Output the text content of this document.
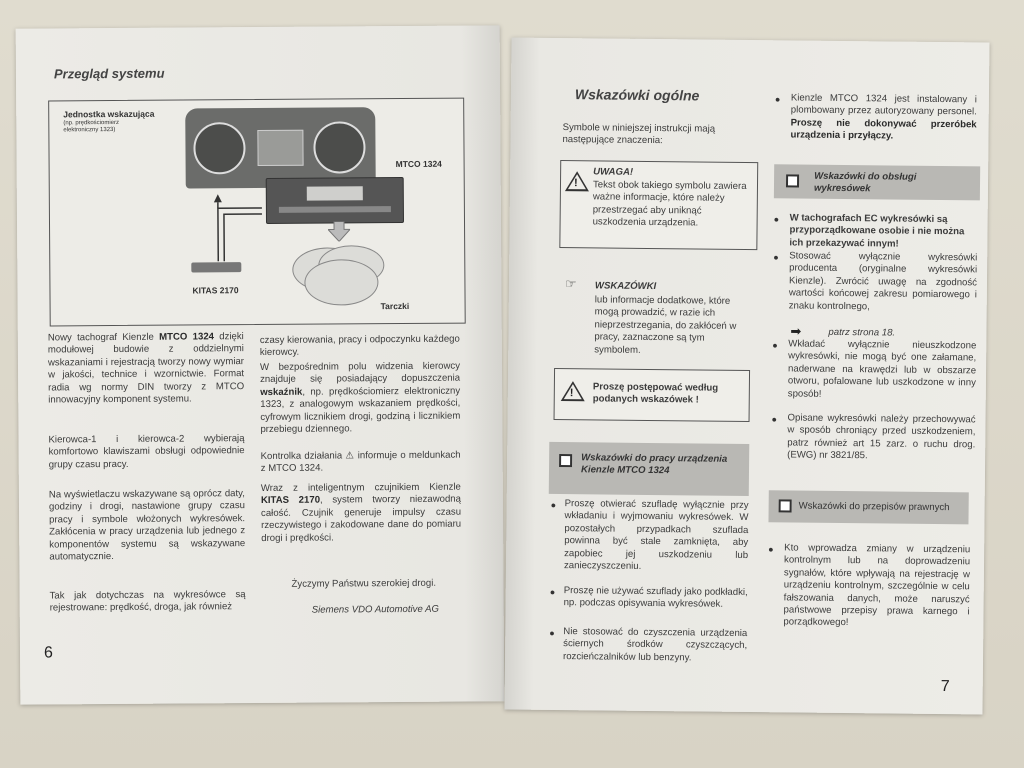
Przegląd systemu
Jednostka wskazująca
(np. prędkościomierz elektroniczny 1323)
MTCO 1324
KITAS 2170
Tarczki
Nowy tachograf Kienzle MTCO 1324 dzięki modułowej budowie z oddzielnymi wskazaniami i rejestracją tworzy nowy wymiar w jakości, technice i wzornictwie. Format radia wg normy DIN tworzy z MTCO innowacyjny komponent systemu.
Kierowca-1 i kierowca-2 wybierają komfortowo klawiszami obsługi odpowiednie grupy czasu pracy.
Na wyświetlaczu wskazywane są oprócz daty, godziny i drogi, nastawione grupy czasu pracy i symbole włożonych wykresówek. Zakłócenia w pracy urządzenia lub jednego z komponentów systemu są wskazywane automatycznie.
Tak jak dotychczas na wykresówce są rejestrowane: prędkość, droga, jak również
czasy kierowania, pracy i odpoczynku każdego kierowcy.
W bezpośrednim polu widzenia kierowcy znajduje się posiadający dopuszczenia wskaźnik, np. prędkościomierz elektroniczny 1323, z analogowym wskazaniem prędkości, cyfrowym licznikiem drogi, godziną i licznikiem przebiegu dziennego.
Kontrolka działania ⚠ informuje o meldunkach z MTCO 1324.
Wraz z inteligentnym czujnikiem Kienzle KITAS 2170, system tworzy niezawodną całość. Czujnik generuje impulsy czasu rzeczywistego i zakodowane dane do pomiaru drogi i prędkości.
Życzymy Państwu szerokiej drogi.
Siemens VDO Automotive AG
6
Wskazówki ogólne
Symbole w niniejszej instrukcji mają następujące znaczenia:
!
UWAGA!
Tekst obok takiego symbolu zawiera ważne informacje, które należy przestrzegać aby uniknąć uszkodzenia urządzenia.
☞ WSKAZÓWKI
lub informacje dodatkowe, które mogą prowadzić, w razie ich nieprzestrzegania, do zakłóceń w pracy, zaznaczone są tym symbolem.
! Proszę postępować według podanych wskazówek !
Wskazówki do pracy urządzenia Kienzle MTCO 1324
● Proszę otwierać szufladę wyłącznie przy wkładaniu i wyjmowaniu wykresówek. W pozostałych przypadkach szuflada powinna być stale zamknięta, aby zapobiec jej uszkodzeniu lub zanieczyszczeniu.
● Proszę nie używać szuflady jako podkładki, np. podczas opisywania wykresówek.
● Nie stosować do czyszczenia urządzenia ściernych środków czyszczących, rozcieńczalników lub benzyny.
● Kienzle MTCO 1324 jest instalowany i plombowany przez autoryzowany personel. Proszę nie dokonywać przeróbek urządzenia i przyłączy.
Wskazówki do obsługi wykresówek
● W tachografach EC wykresówki są przyporządkowane osobie i nie można ich przekazywać innym!
● Stosować wyłącznie wykresówki producenta (oryginalne wykresówki Kienzle). Zwrócić uwagę na zgodność wartości końcowej zakresu pomiarowego i znaku kontrolnego,
➡	patrz strona 18.
● Wkładać wyłącznie nieuszkodzone wykresówki, nie mogą być one załamane, naderwane na krawędzi lub w obszarze otworu, pofalowane lub uszkodzone w inny sposób!
● Opisane wykresówki należy przechowywać w sposób chroniący przed uszkodzeniem, patrz również art 15 zarz. o ruchu drog. (EWG) nr 3821/85.
Wskazówki do przepisów prawnych
● Kto wprowadza zmiany w urządzeniu kontrolnym lub na doprowadzeniu sygnałów, które wpływają na rejestrację w urządzeniu kontrolnym, szczególnie w celu fałszowania danych, może naruszyć państwowe przepisy prawa karnego i porządkowego!
7
